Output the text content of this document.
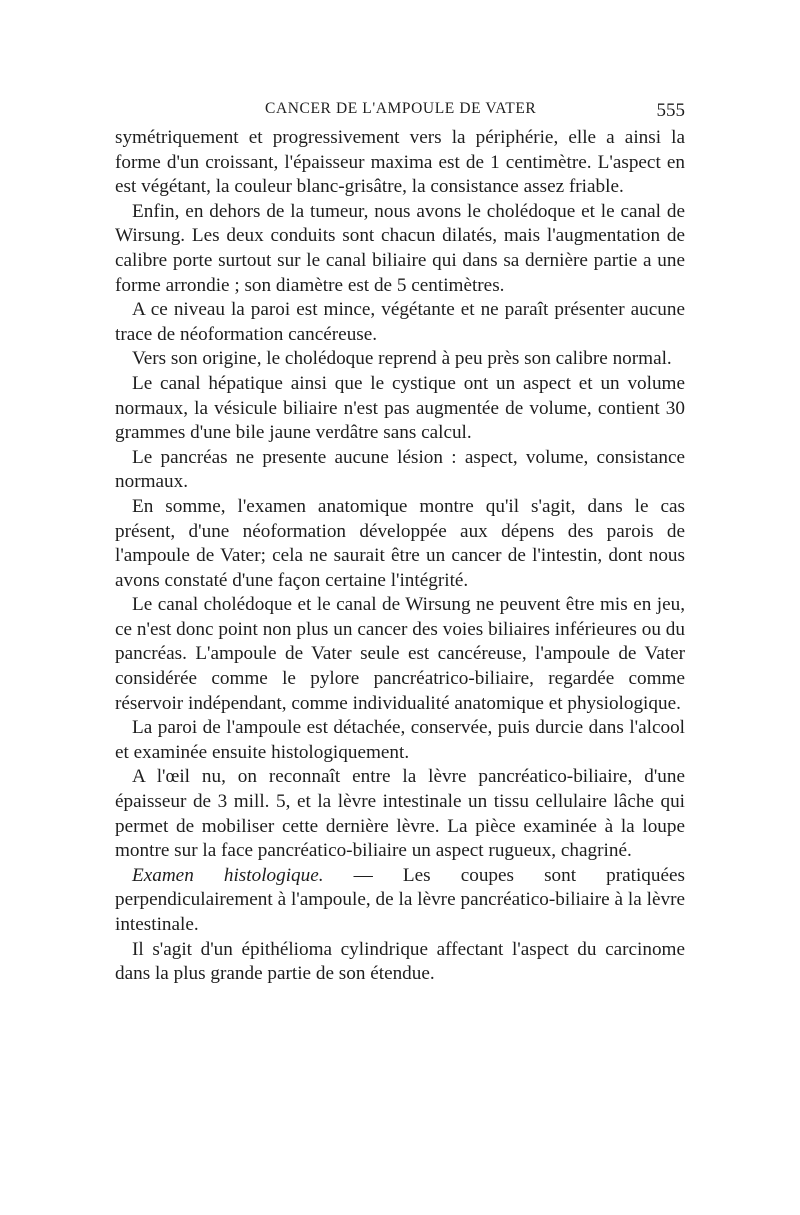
CANCER DE L'AMPOULE DE VATER	555

symétriquement et progressivement vers la périphérie, elle a ainsi la forme d'un croissant, l'épaisseur maxima est de 1 centimètre. L'aspect en est végétant, la couleur blanc-grisâtre, la consistance assez friable.

Enfin, en dehors de la tumeur, nous avons le cholédoque et le canal de Wirsung. Les deux conduits sont chacun dilatés, mais l'augmentation de calibre porte surtout sur le canal biliaire qui dans sa dernière partie a une forme arrondie ; son diamètre est de 5 centimètres.

A ce niveau la paroi est mince, végétante et ne paraît présenter aucune trace de néoformation cancéreuse.

Vers son origine, le cholédoque reprend à peu près son calibre normal.

Le canal hépatique ainsi que le cystique ont un aspect et un volume normaux, la vésicule biliaire n'est pas augmentée de volume, contient 30 grammes d'une bile jaune verdâtre sans calcul.

Le pancréas ne presente aucune lésion : aspect, volume, consistance normaux.

En somme, l'examen anatomique montre qu'il s'agit, dans le cas présent, d'une néoformation développée aux dépens des parois de l'ampoule de Vater; cela ne saurait être un cancer de l'intestin, dont nous avons constaté d'une façon certaine l'intégrité.

Le canal cholédoque et le canal de Wirsung ne peuvent être mis en jeu, ce n'est donc point non plus un cancer des voies biliaires inférieures ou du pancréas. L'ampoule de Vater seule est cancéreuse, l'ampoule de Vater considérée comme le pylore pancréatrico-biliaire, regardée comme réservoir indépendant, comme individualité anatomique et physiologique.

La paroi de l'ampoule est détachée, conservée, puis durcie dans l'alcool et examinée ensuite histologiquement.

A l'œil nu, on reconnaît entre la lèvre pancréatico-biliaire, d'une épaisseur de 3 mill. 5, et la lèvre intestinale un tissu cellulaire lâche qui permet de mobiliser cette dernière lèvre. La pièce examinée à la loupe montre sur la face pancréatico-biliaire un aspect rugueux, chagriné.

Examen histologique. — Les coupes sont pratiquées perpendiculairement à l'ampoule, de la lèvre pancréatico-biliaire à la lèvre intestinale.

Il s'agit d'un épithélioma cylindrique affectant l'aspect du carcinome dans la plus grande partie de son étendue.
